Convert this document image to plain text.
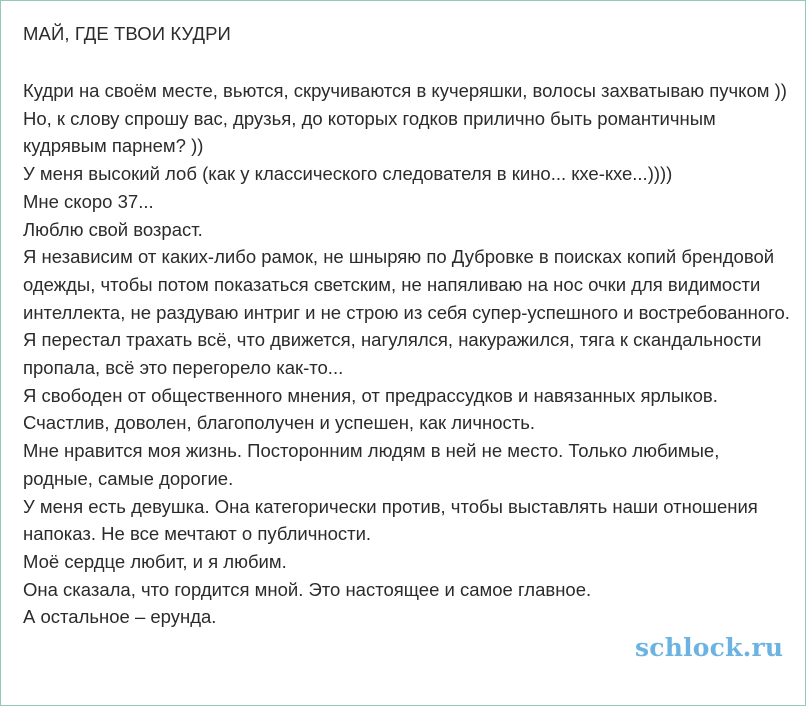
МАЙ, ГДЕ ТВОИ КУДРИ

Кудри на своём месте, вьются, скручиваются в кучеряшки, волосы захватываю пучком ))

Но, к слову спрошу вас, друзья, до которых годков прилично быть романтичным кудрявым парнем? ))

У меня высокий лоб (как у классического следователя в кино... кхе-кхе...))))

Мне скоро 37...

Люблю свой возраст.

Я независим от каких-либо рамок, не шныряю по Дубровке в поисках копий брендовой одежды, чтобы потом показаться светским, не напяливаю на нос очки для видимости интеллекта, не раздуваю интриг и не строю из себя супер-успешного и востребованного.

Я перестал трахать всё, что движется, нагулялся, накуражился, тяга к скандальности пропала, всё это перегорело как-то...

Я свободен от общественного мнения, от предрассудков и навязанных ярлыков.

Счастлив, доволен, благополучен и успешен, как личность.

Мне нравится моя жизнь. Посторонним людям в ней не место. Только любимые, родные, самые дорогие.

У меня есть девушка. Она категорически против, чтобы выставлять наши отношения напоказ. Не все мечтают о публичности.

Моё сердце любит, и я любим.

Она сказала, что гордится мной. Это настоящее и самое главное.

А остальное – ерунда.

schlock.ru
